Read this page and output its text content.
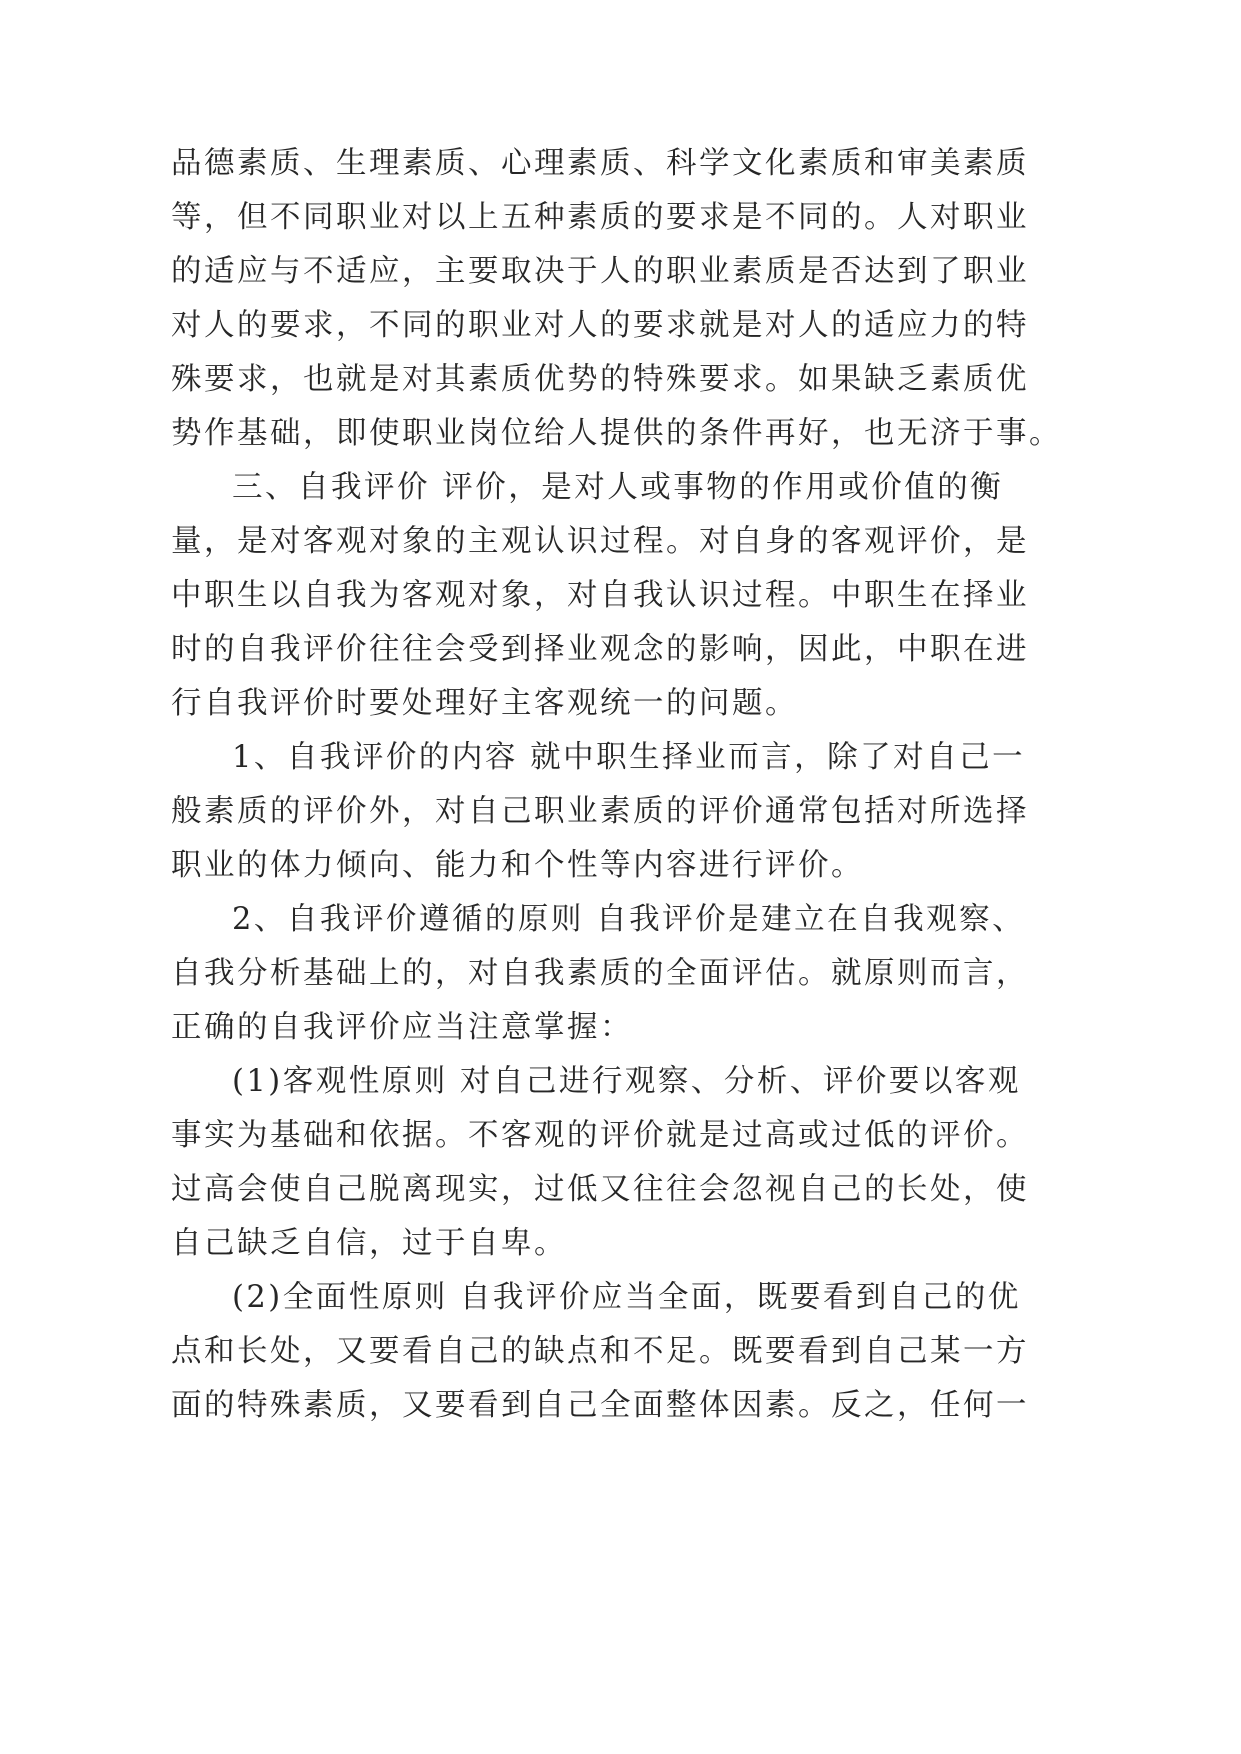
品德素质、生理素质、心理素质、科学文化素质和审美素质
等，但不同职业对以上五种素质的要求是不同的。人对职业
的适应与不适应，主要取决于人的职业素质是否达到了职业
对人的要求，不同的职业对人的要求就是对人的适应力的特
殊要求，也就是对其素质优势的特殊要求。如果缺乏素质优
势作基础，即使职业岗位给人提供的条件再好，也无济于事。
三、自我评价 评价，是对人或事物的作用或价值的衡
量，是对客观对象的主观认识过程。对自身的客观评价，是
中职生以自我为客观对象，对自我认识过程。中职生在择业
时的自我评价往往会受到择业观念的影响，因此，中职在进
行自我评价时要处理好主客观统一的问题。
1、自我评价的内容 就中职生择业而言，除了对自己一
般素质的评价外，对自己职业素质的评价通常包括对所选择
职业的体力倾向、能力和个性等内容进行评价。
2、自我评价遵循的原则 自我评价是建立在自我观察、
自我分析基础上的，对自我素质的全面评估。就原则而言，
正确的自我评价应当注意掌握：
(1)客观性原则 对自己进行观察、分析、评价要以客观
事实为基础和依据。不客观的评价就是过高或过低的评价。
过高会使自己脱离现实，过低又往往会忽视自己的长处，使
自己缺乏自信，过于自卑。
(2)全面性原则 自我评价应当全面，既要看到自己的优
点和长处，又要看自己的缺点和不足。既要看到自己某一方
面的特殊素质，又要看到自己全面整体因素。反之，任何一
